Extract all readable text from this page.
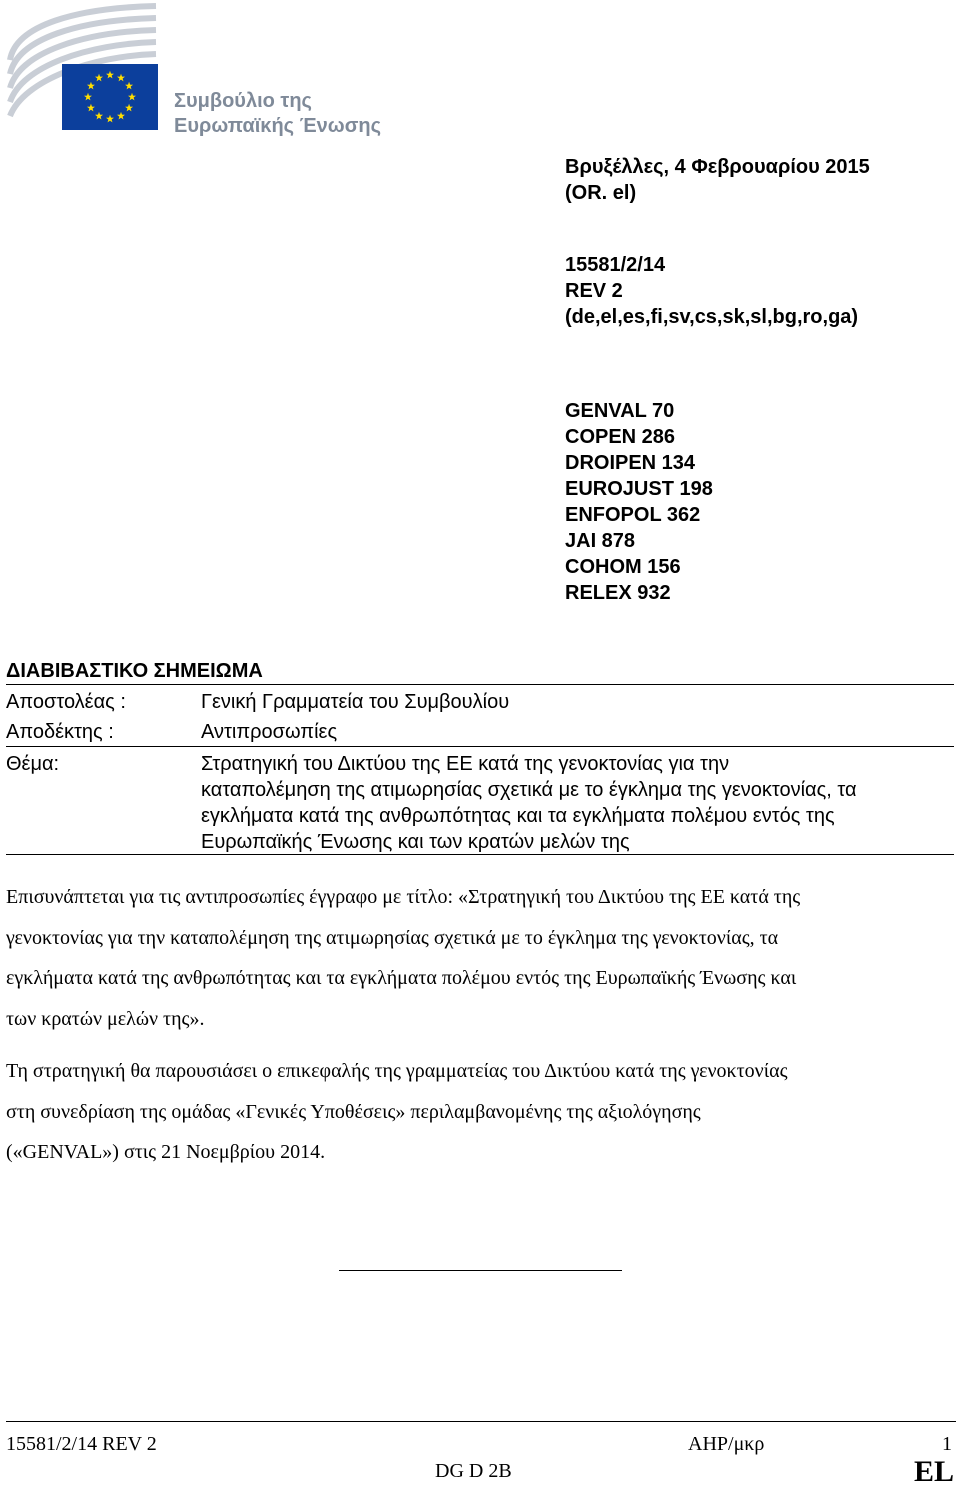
Συμβούλιο της
Ευρωπαϊκής Ένωσης
Βρυξέλλες, 4 Φεβρουαρίου 2015
(OR. el)
15581/2/14
REV 2
(de,el,es,fi,sv,cs,sk,sl,bg,ro,ga)
GENVAL 70
COPEN 286
DROIPEN 134
EUROJUST 198
ENFOPOL 362
JAI 878
COHOM 156
RELEX 932
ΔΙΑΒΙΒΑΣΤΙΚΟ ΣΗΜΕΙΩΜΑ
Αποστολέας :	Γενική Γραμματεία του Συμβουλίου
Αποδέκτης :	Αντιπροσωπίες
Θέμα:	Στρατηγική του Δικτύου της ΕΕ κατά της γενοκτονίας για την
καταπολέμηση της ατιμωρησίας σχετικά με το έγκλημα της γενοκτονίας, τα
εγκλήματα κατά της ανθρωπότητας και τα εγκλήματα πολέμου εντός της
Ευρωπαϊκής Ένωσης και των κρατών μελών της
Επισυνάπτεται για τις αντιπροσωπίες έγγραφο με τίτλο: «Στρατηγική του Δικτύου της ΕΕ κατά της
γενοκτονίας για την καταπολέμηση της ατιμωρησίας σχετικά με το έγκλημα της γενοκτονίας, τα
εγκλήματα κατά της ανθρωπότητας και τα εγκλήματα πολέμου εντός της Ευρωπαϊκής Ένωσης και
των κρατών μελών της».
Τη στρατηγική θα παρουσιάσει ο επικεφαλής της γραμματείας του Δικτύου κατά της γενοκτονίας
στη συνεδρίαση της ομάδας «Γενικές Υποθέσεις» περιλαμβανομένης της αξιολόγησης
(«GENVAL») στις 21 Νοεμβρίου 2014.
15581/2/14 REV 2
DG D 2B
AHP/μκρ	1
EL
